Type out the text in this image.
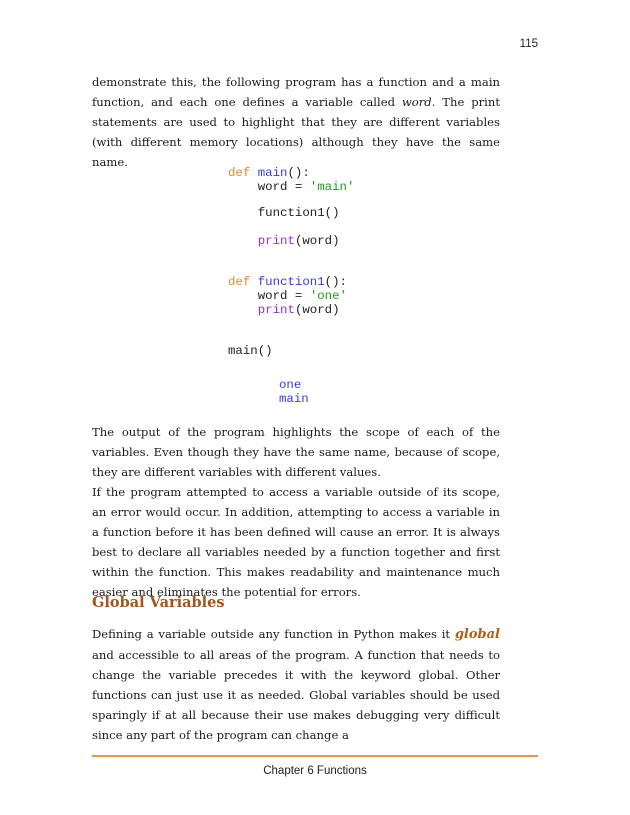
115

demonstrate this, the following program has a function and a main function, and each one defines a variable called word. The print statements are used to highlight that they are different variables (with different memory locations) although they have the same name.

def main():
word = 'main'
function1()
print(word)
def function1():
word = 'one'
print(word)
main()
one
main

The output of the program highlights the scope of each of the variables. Even though they have the same name, because of scope, they are different variables with different values.

If the program attempted to access a variable outside of its scope, an error would occur. In addition, attempting to access a variable in a function before it has been defined will cause an error. It is always best to declare all variables needed by a function together and first within the function. This makes readability and maintenance much easier and eliminates the potential for errors.

Global Variables

Defining a variable outside any function in Python makes it global and accessible to all areas of the program. A function that needs to change the variable precedes it with the keyword global. Other functions can just use it as needed. Global variables should be used sparingly if at all because their use makes debugging very difficult since any part of the program can change a

Chapter 6 Functions
